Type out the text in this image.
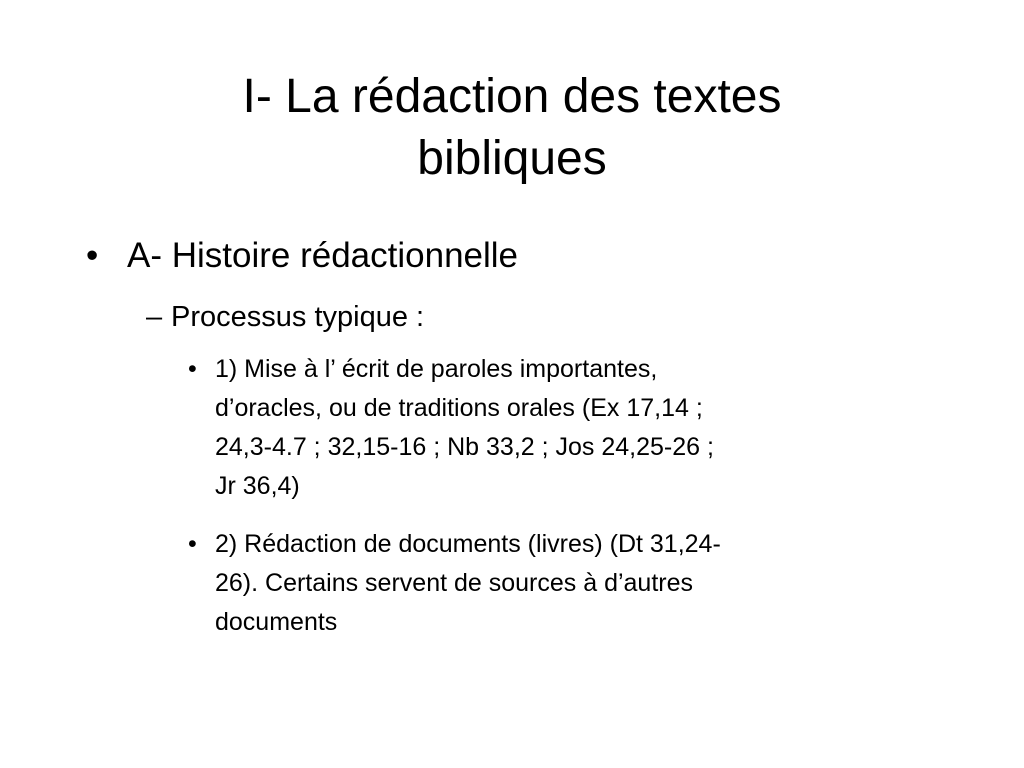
I- La rédaction des textes
bibliques
• A- Histoire rédactionnelle
– Processus typique :
• 1) Mise à l’ écrit de paroles importantes,
d’oracles, ou de traditions orales (Ex 17,14 ;
24,3-4.7 ; 32,15-16 ; Nb 33,2 ; Jos 24,25-26 ;
Jr 36,4)
• 2) Rédaction de documents (livres) (Dt 31,24-
26). Certains servent de sources à d’autres
documents
